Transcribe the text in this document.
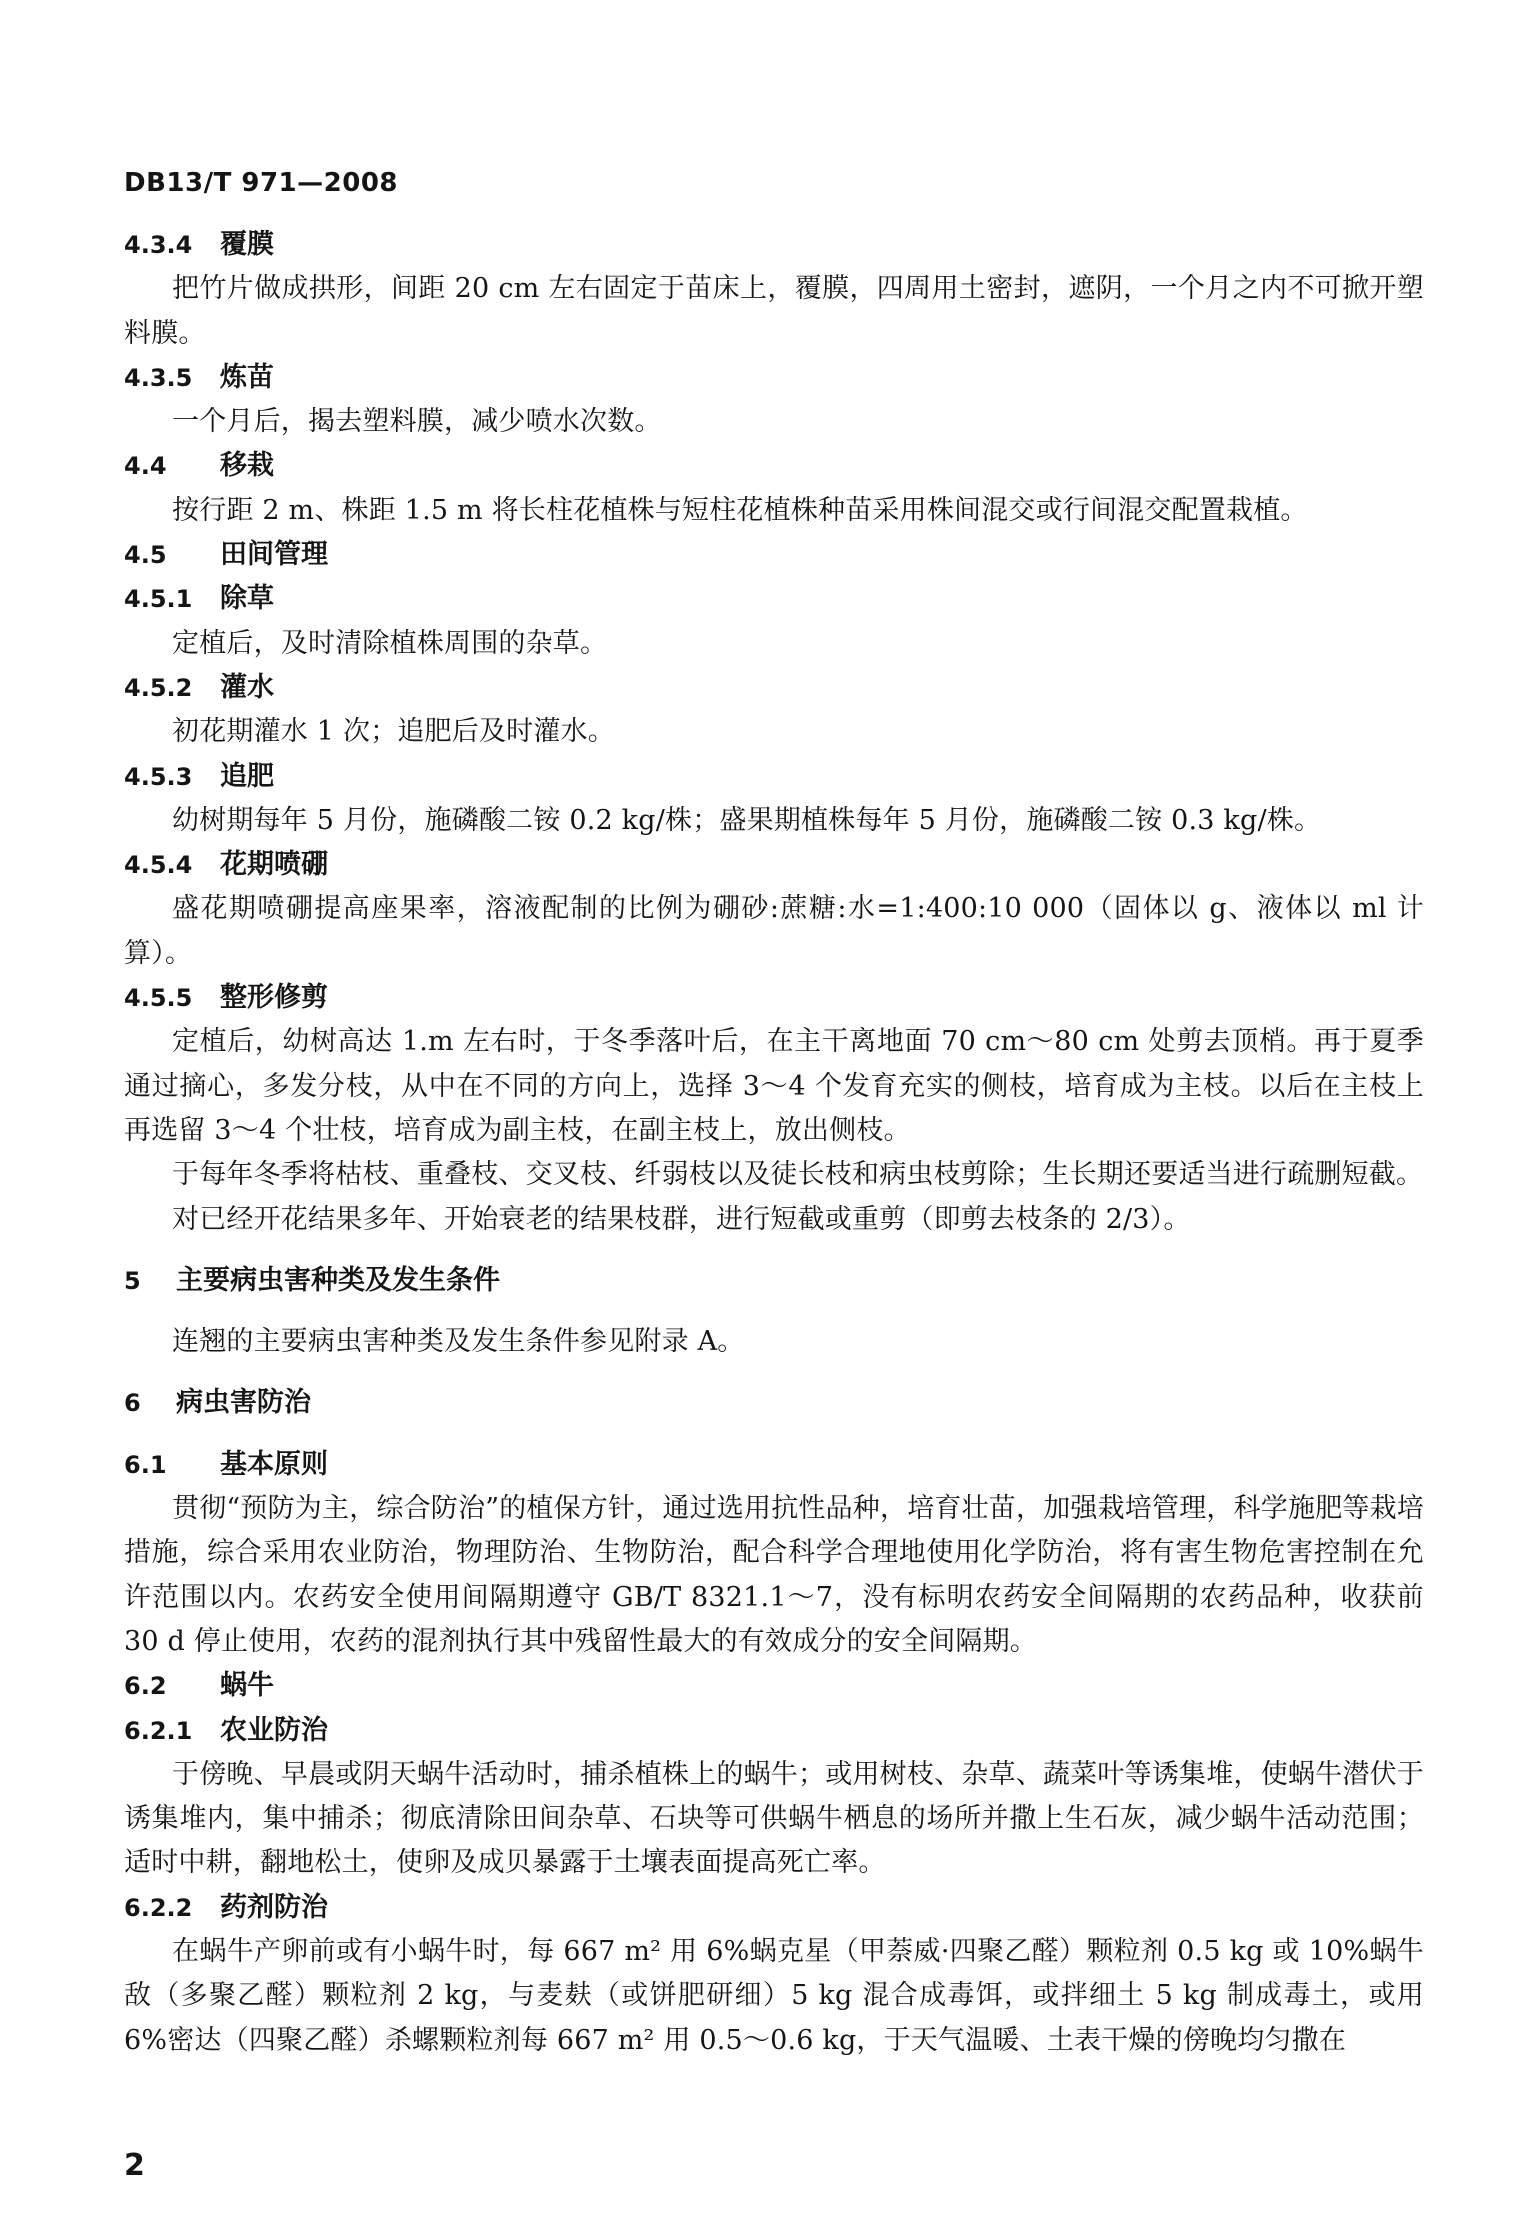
DB13/T 971—2008
4.3.4 覆膜

把竹片做成拱形，间距 20 cm 左右固定于苗床上，覆膜，四周用土密封，遮阴，一个月之内不可掀开塑料膜。

4.3.5 炼苗

一个月后，揭去塑料膜，减少喷水次数。

4.4 移栽

按行距 2 m、株距 1.5 m 将长柱花植株与短柱花植株种苗采用株间混交或行间混交配置栽植。

4.5 田间管理
4.5.1 除草

定植后，及时清除植株周围的杂草。

4.5.2 灌水

初花期灌水 1 次；追肥后及时灌水。

4.5.3 追肥

幼树期每年 5 月份，施磷酸二铵 0.2 kg/株；盛果期植株每年 5 月份，施磷酸二铵 0.3 kg/株。

4.5.4 花期喷硼

盛花期喷硼提高座果率，溶液配制的比例为硼砂:蔗糖:水=1:400:10 000（固体以 g、液体以 ml 计算）。

4.5.5 整形修剪

定植后，幼树高达 1.m 左右时，于冬季落叶后，在主干离地面 70 cm～80 cm 处剪去顶梢。再于夏季通过摘心，多发分枝，从中在不同的方向上，选择 3～4 个发育充实的侧枝，培育成为主枝。以后在主枝上再选留 3～4 个壮枝，培育成为副主枝，在副主枝上，放出侧枝。

于每年冬季将枯枝、重叠枝、交叉枝、纤弱枝以及徒长枝和病虫枝剪除；生长期还要适当进行疏删短截。

对已经开花结果多年、开始衰老的结果枝群，进行短截或重剪（即剪去枝条的 2/3）。

5 主要病虫害种类及发生条件

连翘的主要病虫害种类及发生条件参见附录 A。

6 病虫害防治
6.1 基本原则

贯彻“预防为主，综合防治”的植保方针，通过选用抗性品种，培育壮苗，加强栽培管理，科学施肥等栽培措施，综合采用农业防治，物理防治、生物防治，配合科学合理地使用化学防治，将有害生物危害控制在允许范围以内。农药安全使用间隔期遵守 GB/T 8321.1～7，没有标明农药安全间隔期的农药品种，收获前 30 d 停止使用，农药的混剂执行其中残留性最大的有效成分的安全间隔期。

6.2 蜗牛
6.2.1 农业防治

于傍晚、早晨或阴天蜗牛活动时，捕杀植株上的蜗牛；或用树枝、杂草、蔬菜叶等诱集堆，使蜗牛潜伏于诱集堆内，集中捕杀；彻底清除田间杂草、石块等可供蜗牛栖息的场所并撒上生石灰，减少蜗牛活动范围；适时中耕，翻地松土，使卵及成贝暴露于土壤表面提高死亡率。

6.2.2 药剂防治

在蜗牛产卵前或有小蜗牛时，每 667 m² 用 6%蜗克星（甲萘威·四聚乙醛）颗粒剂 0.5 kg 或 10%蜗牛敌（多聚乙醛）颗粒剂 2 kg，与麦麸（或饼肥研细）5 kg 混合成毒饵，或拌细土 5 kg 制成毒土，或用 6%密达（四聚乙醛）杀螺颗粒剂每 667 m² 用 0.5～0.6 kg，于天气温暖、土表干燥的傍晚均匀撒在

2
